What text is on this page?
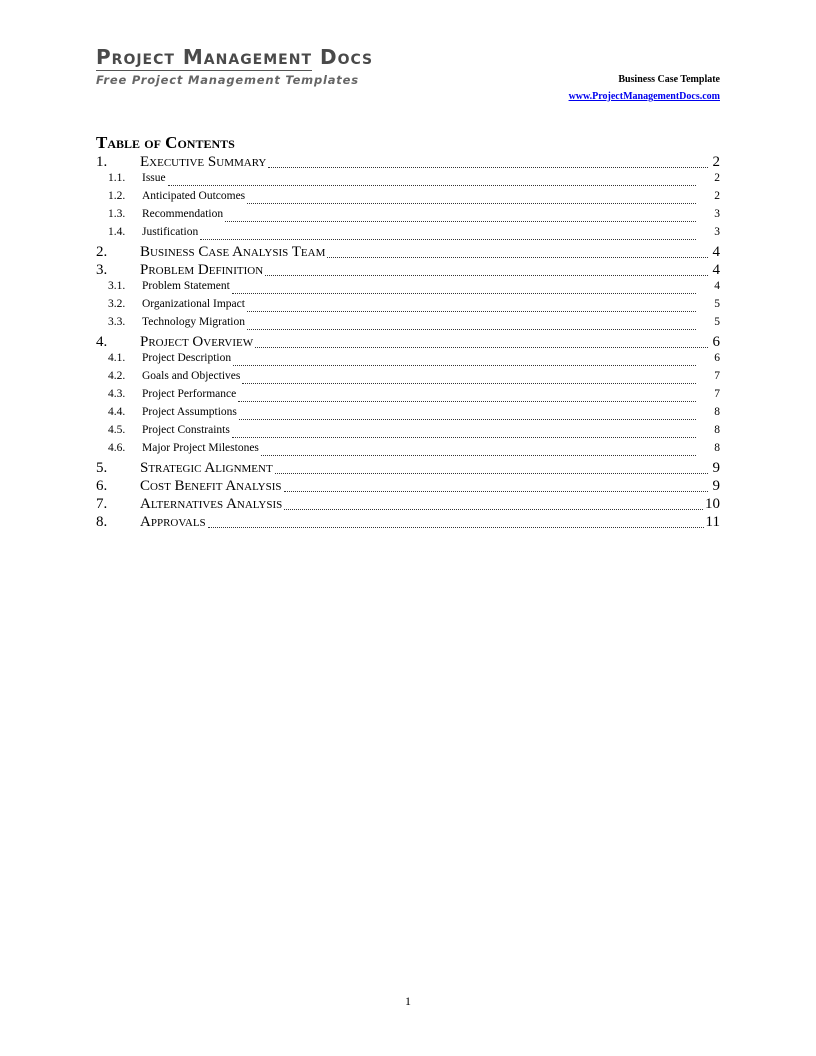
Project Management Docs
Free Project Management Templates	Business Case Template
www.ProjectManagementDocs.com
Table of Contents
1.	Executive Summary	2
1.1.	Issue	2
1.2.	Anticipated Outcomes	2
1.3.	Recommendation	3
1.4.	Justification	3
2.	Business Case Analysis Team	4
3.	Problem Definition	4
3.1.	Problem Statement	4
3.2.	Organizational Impact	5
3.3.	Technology Migration	5
4.	Project Overview	6
4.1.	Project Description	6
4.2.	Goals and Objectives	7
4.3.	Project Performance	7
4.4.	Project Assumptions	8
4.5.	Project Constraints	8
4.6.	Major Project Milestones	8
5.	Strategic Alignment	9
6.	Cost Benefit Analysis	9
7.	Alternatives Analysis	10
8.	Approvals	11
1
